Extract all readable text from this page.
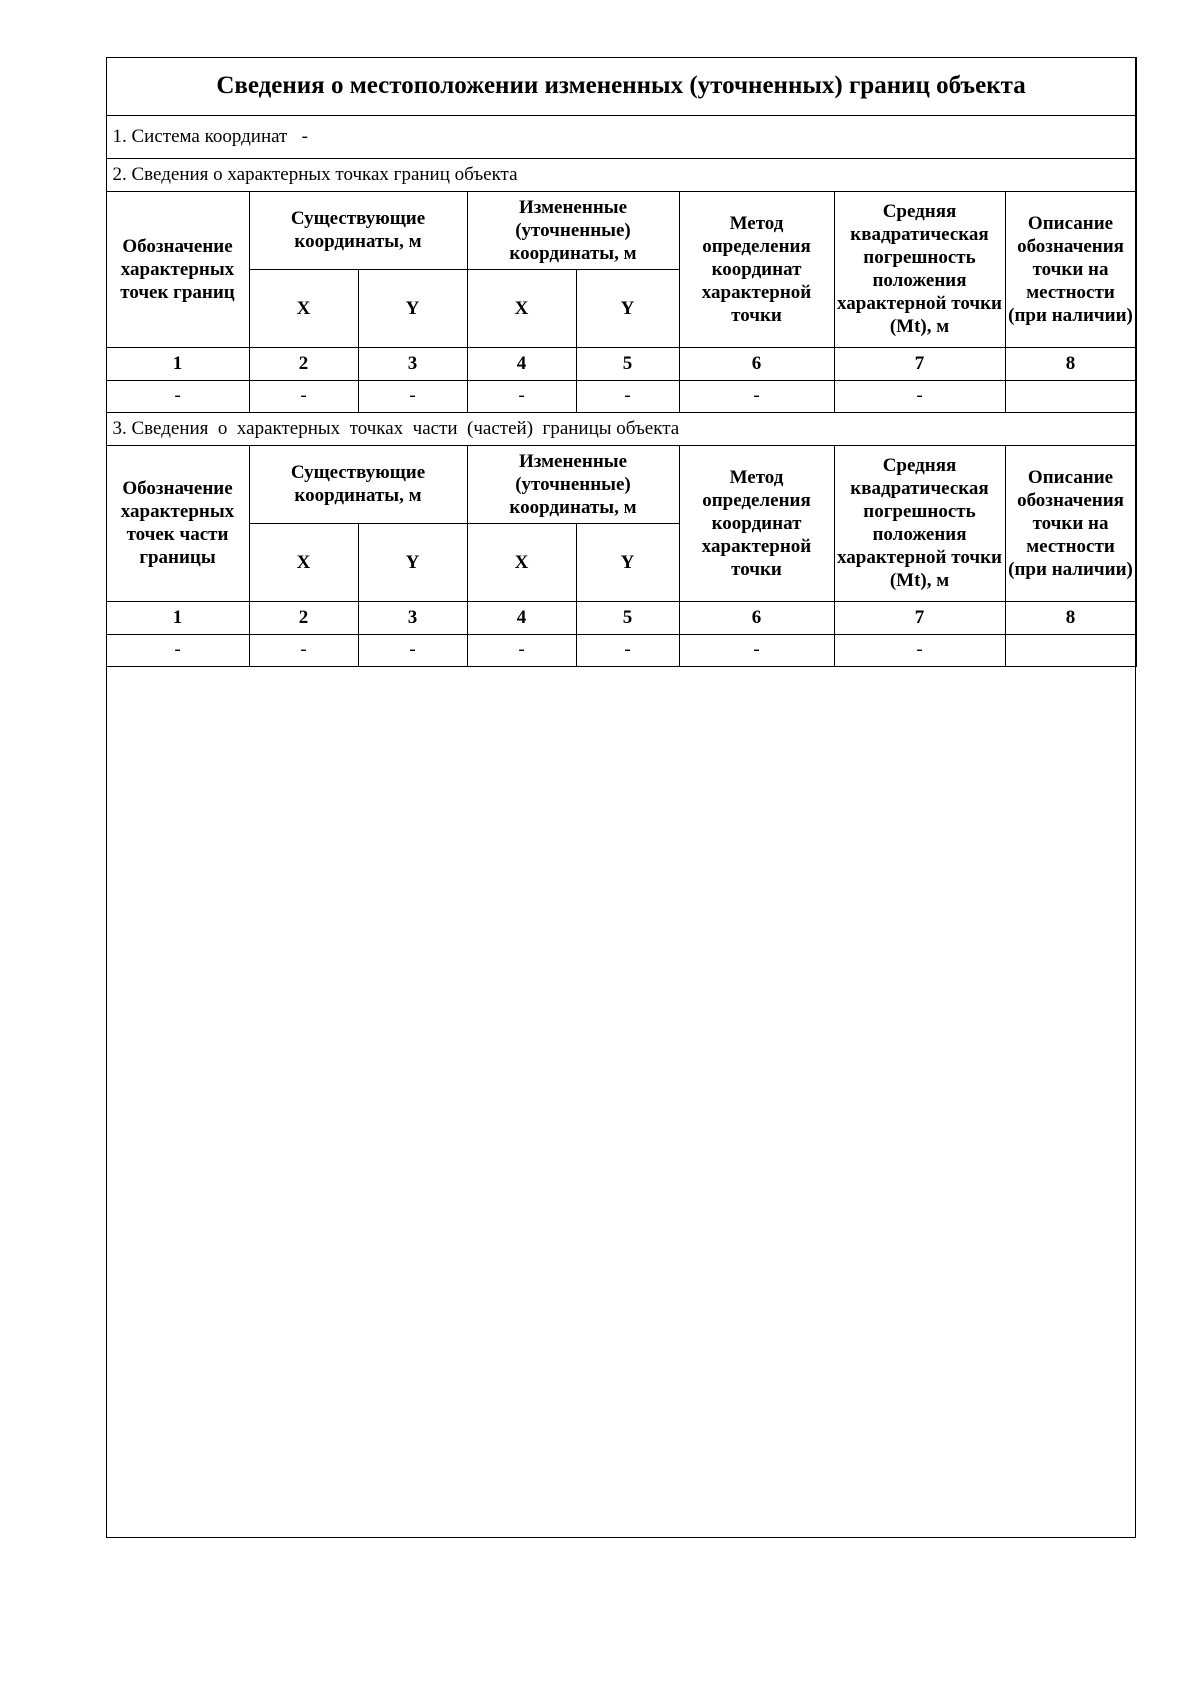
Сведения о местоположении измененных (уточненных) границ объекта							
1. Система координат   -							
2. Сведения о характерных точках границ объекта							
Обозначение характерных точек границ	Существующие координаты, м		Измененные (уточненные) координаты, м		Метод определения координат характерной точки	Средняя квадратическая погрешность положения характерной точки (Mt), м	Описание обозначения точки на местности (при наличии)
	X	Y	X	Y			
1	2	3	4	5	6	7	8
-	-	-	-	-	-	-	
3. Сведения  о  характерных  точках  части  (частей)  границы объекта							
Обозначение характерных точек части границы	Существующие координаты, м		Измененные (уточненные) координаты, м		Метод определения координат характерной точки	Средняя квадратическая погрешность положения характерной точки (Mt), м	Описание обозначения точки на местности (при наличии)
	X	Y	X	Y			
1	2	3	4	5	6	7	8
-	-	-	-	-	-	-	
